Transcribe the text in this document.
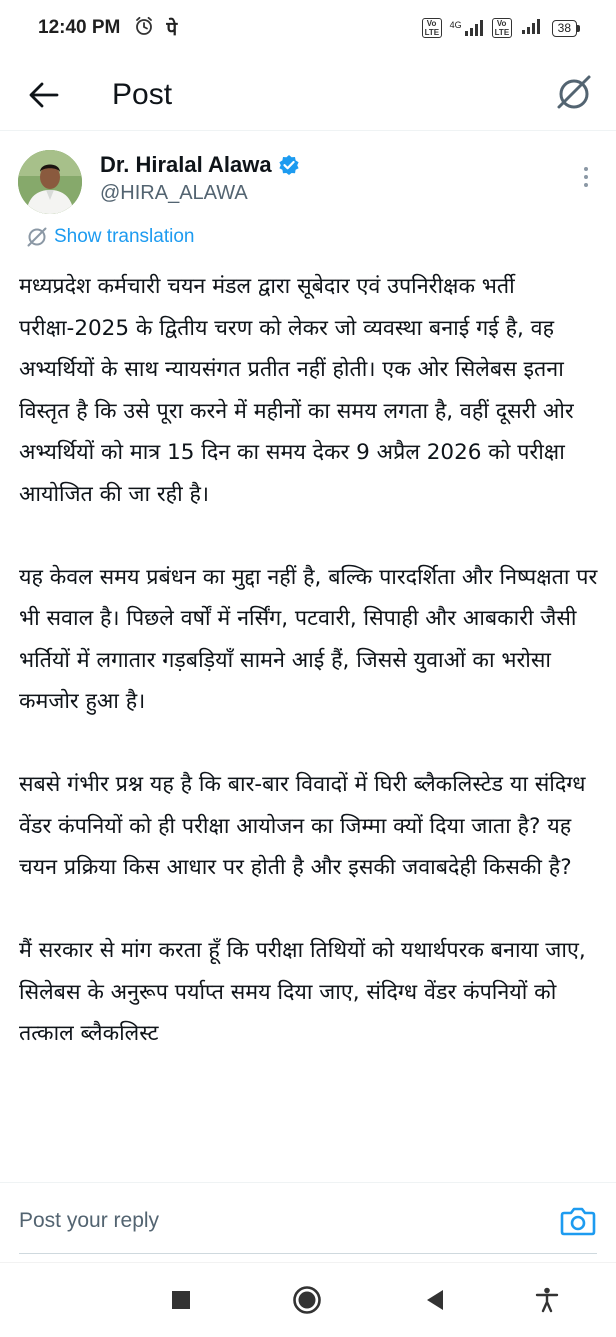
12:40 PM पे	Vo LTE
4G	Vo LTE	38
Post
Dr. Hiralal Alawa
@HIRA_ALAWA
Show translation

मध्यप्रदेश कर्मचारी चयन मंडल द्वारा सूबेदार एवं उपनिरीक्षक भर्ती परीक्षा-2025 के द्वितीय चरण को लेकर जो व्यवस्था बनाई गई है, वह अभ्यर्थियों के साथ न्यायसंगत प्रतीत नहीं होती। एक ओर सिलेबस इतना विस्तृत है कि उसे पूरा करने में महीनों का समय लगता है, वहीं दूसरी ओर अभ्यर्थियों को मात्र 15 दिन का समय देकर 9 अप्रैल 2026 को परीक्षा आयोजित की जा रही है।

यह केवल समय प्रबंधन का मुद्दा नहीं है, बल्कि पारदर्शिता और निष्पक्षता पर भी सवाल है। पिछले वर्षों में नर्सिंग, पटवारी, सिपाही और आबकारी जैसी भर्तियों में लगातार गड़बड़ियाँ सामने आई हैं, जिससे युवाओं का भरोसा कमजोर हुआ है।

सबसे गंभीर प्रश्न यह है कि बार-बार विवादों में घिरी ब्लैकलिस्टेड या संदिग्ध वेंडर कंपनियों को ही परीक्षा आयोजन का जिम्मा क्यों दिया जाता है? यह चयन प्रक्रिया किस आधार पर होती है और इसकी जवाबदेही किसकी है?

मैं सरकार से मांग करता हूँ कि परीक्षा तिथियों को यथार्थपरक बनाया जाए, सिलेबस के अनुरूप पर्याप्त समय दिया जाए, संदिग्ध वेंडर कंपनियों को तत्काल ब्लैकलिस्ट

Post your reply
